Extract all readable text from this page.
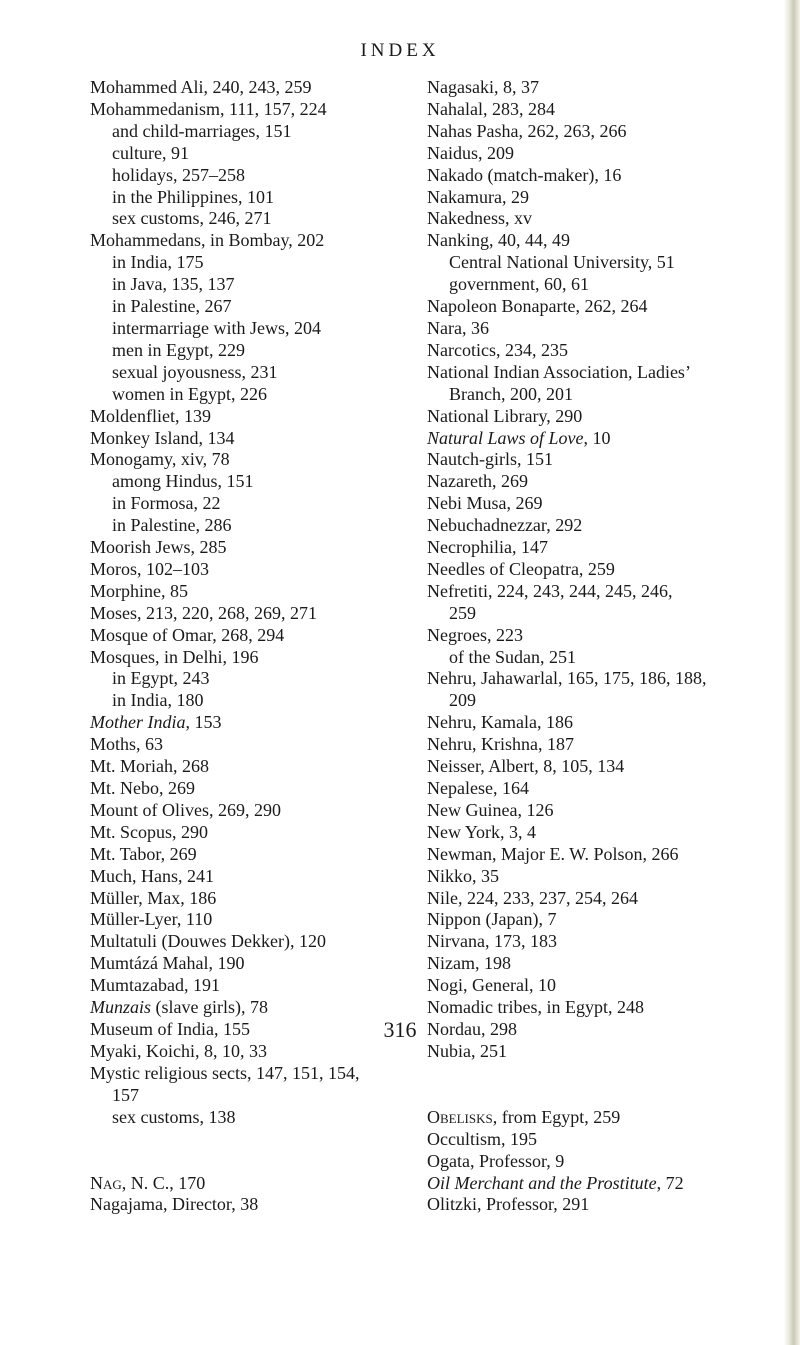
INDEX
Mohammed Ali, 240, 243, 259
Mohammedanism, 111, 157, 224
and child-marriages, 151
culture, 91
holidays, 257–258
in the Philippines, 101
sex customs, 246, 271
Mohammedans, in Bombay, 202
in India, 175
in Java, 135, 137
in Palestine, 267
intermarriage with Jews, 204
men in Egypt, 229
sexual joyousness, 231
women in Egypt, 226
Moldenfliet, 139
Monkey Island, 134
Monogamy, xiv, 78
among Hindus, 151
in Formosa, 22
in Palestine, 286
Moorish Jews, 285
Moros, 102–103
Morphine, 85
Moses, 213, 220, 268, 269, 271
Mosque of Omar, 268, 294
Mosques, in Delhi, 196
in Egypt, 243
in India, 180
Mother India, 153
Moths, 63
Mt. Moriah, 268
Mt. Nebo, 269
Mount of Olives, 269, 290
Mt. Scopus, 290
Mt. Tabor, 269
Much, Hans, 241
Müller, Max, 186
Müller-Lyer, 110
Multatuli (Douwes Dekker), 120
Mumtázá Mahal, 190
Mumtazabad, 191
Munzais (slave girls), 78
Museum of India, 155
Myaki, Koichi, 8, 10, 33
Mystic religious sects, 147, 151, 154,
157
sex customs, 138
Nag, N. C., 170
Nagajama, Director, 38
Nagasaki, 8, 37
Nahalal, 283, 284
Nahas Pasha, 262, 263, 266
Naidus, 209
Nakado (match-maker), 16
Nakamura, 29
Nakedness, xv
Nanking, 40, 44, 49
Central National University, 51
government, 60, 61
Napoleon Bonaparte, 262, 264
Nara, 36
Narcotics, 234, 235
National Indian Association, Ladies’
Branch, 200, 201
National Library, 290
Natural Laws of Love, 10
Nautch-girls, 151
Nazareth, 269
Nebi Musa, 269
Nebuchadnezzar, 292
Necrophilia, 147
Needles of Cleopatra, 259
Nefretiti, 224, 243, 244, 245, 246,
259
Negroes, 223
of the Sudan, 251
Nehru, Jahawarlal, 165, 175, 186, 188,
209
Nehru, Kamala, 186
Nehru, Krishna, 187
Neisser, Albert, 8, 105, 134
Nepalese, 164
New Guinea, 126
New York, 3, 4
Newman, Major E. W. Polson, 266
Nikko, 35
Nile, 224, 233, 237, 254, 264
Nippon (Japan), 7
Nirvana, 173, 183
Nizam, 198
Nogi, General, 10
Nomadic tribes, in Egypt, 248
Nordau, 298
Nubia, 251
Obelisks, from Egypt, 259
Occultism, 195
Ogata, Professor, 9
Oil Merchant and the Prostitute, 72
Olitzki, Professor, 291
316
